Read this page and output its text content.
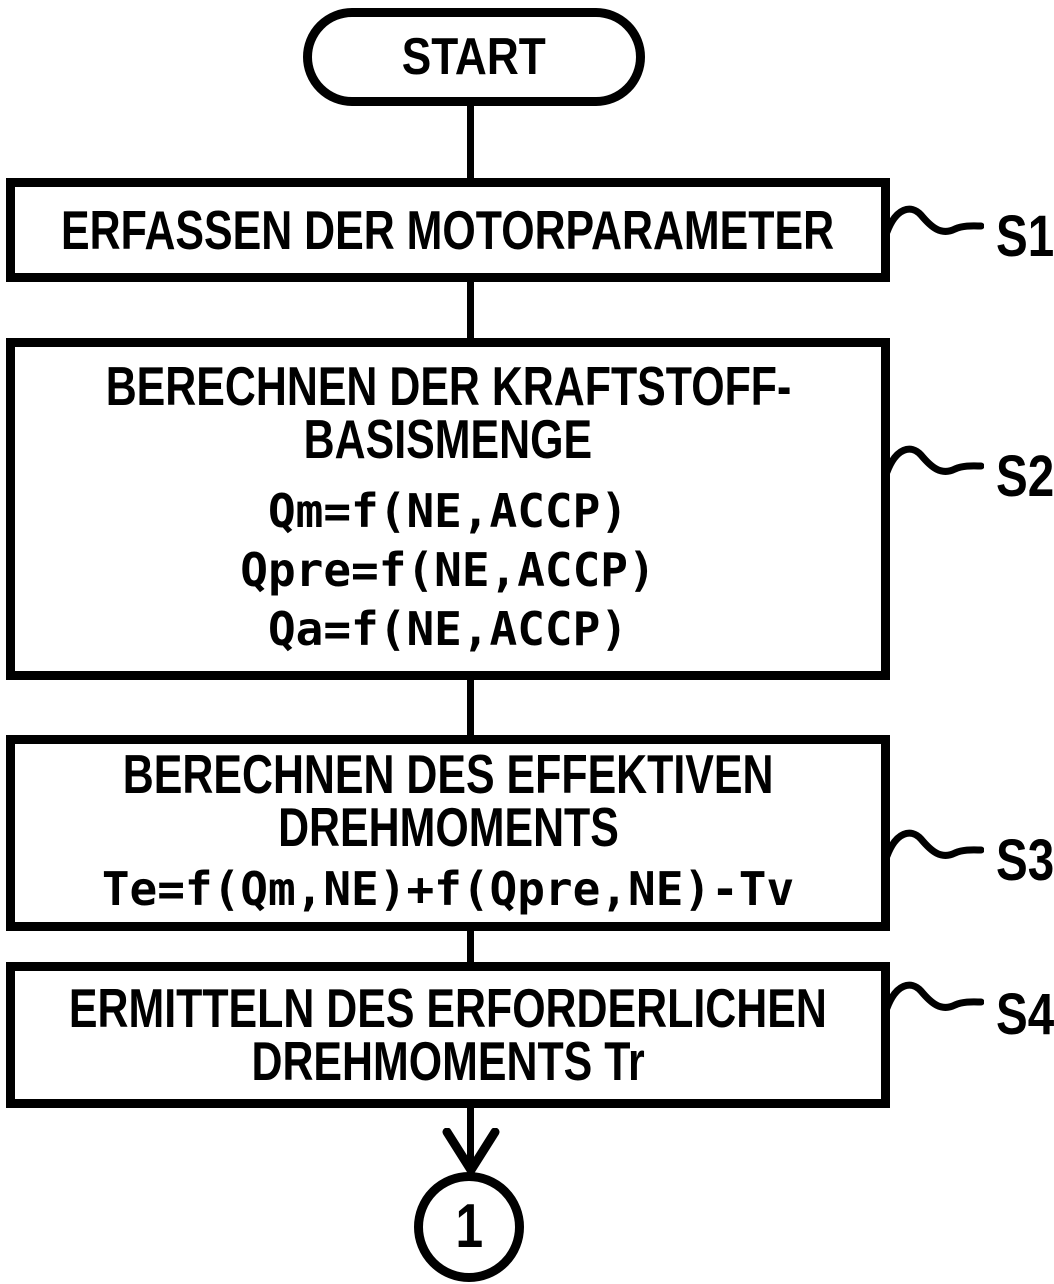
START
ERFASSEN DER MOTORPARAMETER
BERECHNEN DER KRAFTSTOFF-
BASISMENGE
Qm=f(NE,ACCP)
Qpre=f(NE,ACCP)
Qa=f(NE,ACCP)
BERECHNEN DES EFFEKTIVEN
DREHMOMENTS
Te=f(Qm,NE)+f(Qpre,NE)-Tv
ERMITTELN DES ERFORDERLICHEN
DREHMOMENTS Tr
S1
S2
S3
S4
1
